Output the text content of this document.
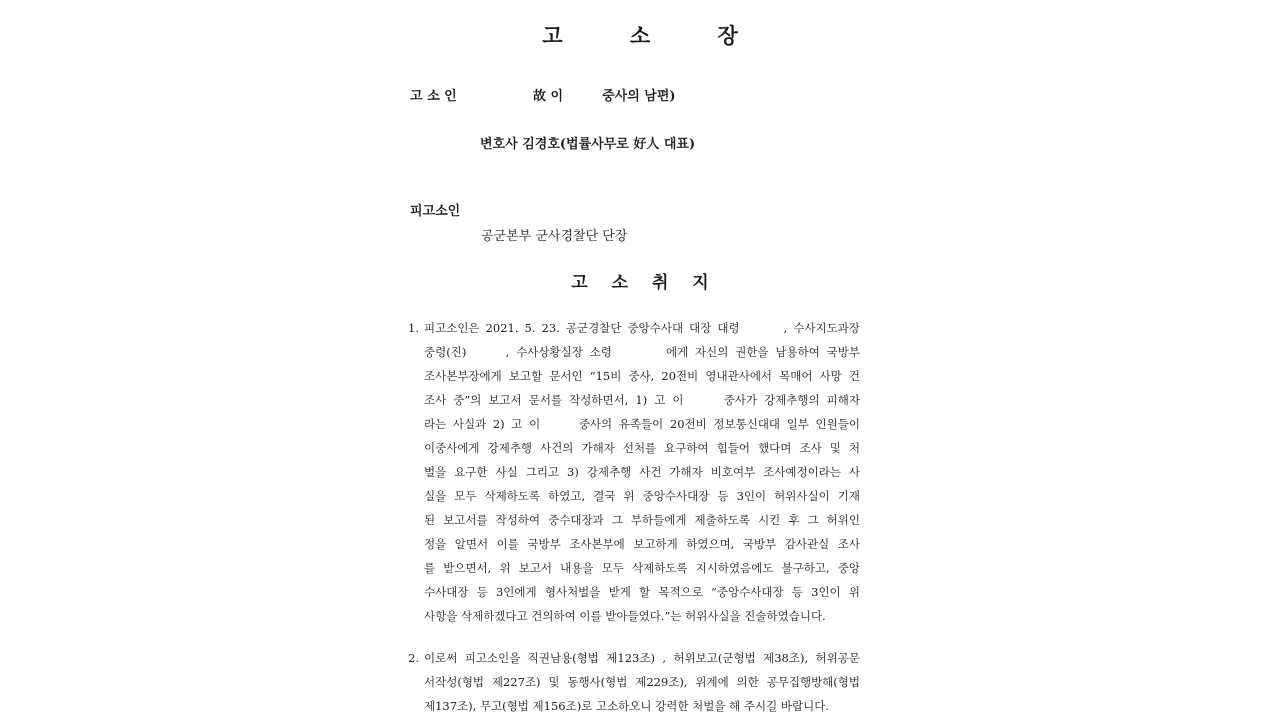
고 소 장
고 소 인	故 이　　　중사의 남편)
변호사 김경호(법률사무로 好人 대표)
피고소인
공군본부 군사경찰단 단장
고 소 취 지
1. 피고소인은 2021. 5. 23. 공군경찰단 중앙수사대 대장 대령　　　, 수사지도과장
중령(진)　　 , 수사상황실장 소령　　　 에게 자신의 권한을 남용하여 국방부
조사본부장에게 보고할 문서인 “15비 중사, 20전비 영내관사에서 목매어 사망 건
조사 중”의 보고서 문서를 작성하면서, 1) 고 이　　 중사가 강제추행의 피해자
라는 사실과 2) 고 이　　 중사의 유족들이 20전비 정보통신대대 일부 인원들이
이중사에게 강제추행 사건의 가해자 선처를 요구하여 힘들어 했다며 조사 및 처
벌을 요구한 사실 그리고 3) 강제추행 사건 가해자 비호여부 조사예정이라는 사
실을 모두 삭제하도록 하였고, 결국 위 중앙수사대장 등 3인이 허위사실이 기재
된 보고서를 작성하여 중수대장과 그 부하들에게 제출하도록 시킨 후 그 허위인
정을 알면서 이를 국방부 조사본부에 보고하게 하였으며, 국방부 감사관실 조사
를 받으면서, 위 보고서 내용을 모두 삭제하도록 지시하였음에도 불구하고, 중앙
수사대장 등 3인에게 형사처벌을 받게 할 목적으로 “중앙수사대장 등 3인이 위
사항을 삭제하겠다고 건의하여 이를 받아들였다.”는 허위사실을 진술하였습니다.
2. 이로써 피고소인을 직권남용(형법 제123조) , 허위보고(군형법 제38조), 허위공문
서작성(형법 제227조) 및 동행사(형법 제229조), 위계에 의한 공무집행방해(형법
제137조), 무고(형법 제156조)로 고소하오니 강력한 처벌을 해 주시길 바랍니다.
